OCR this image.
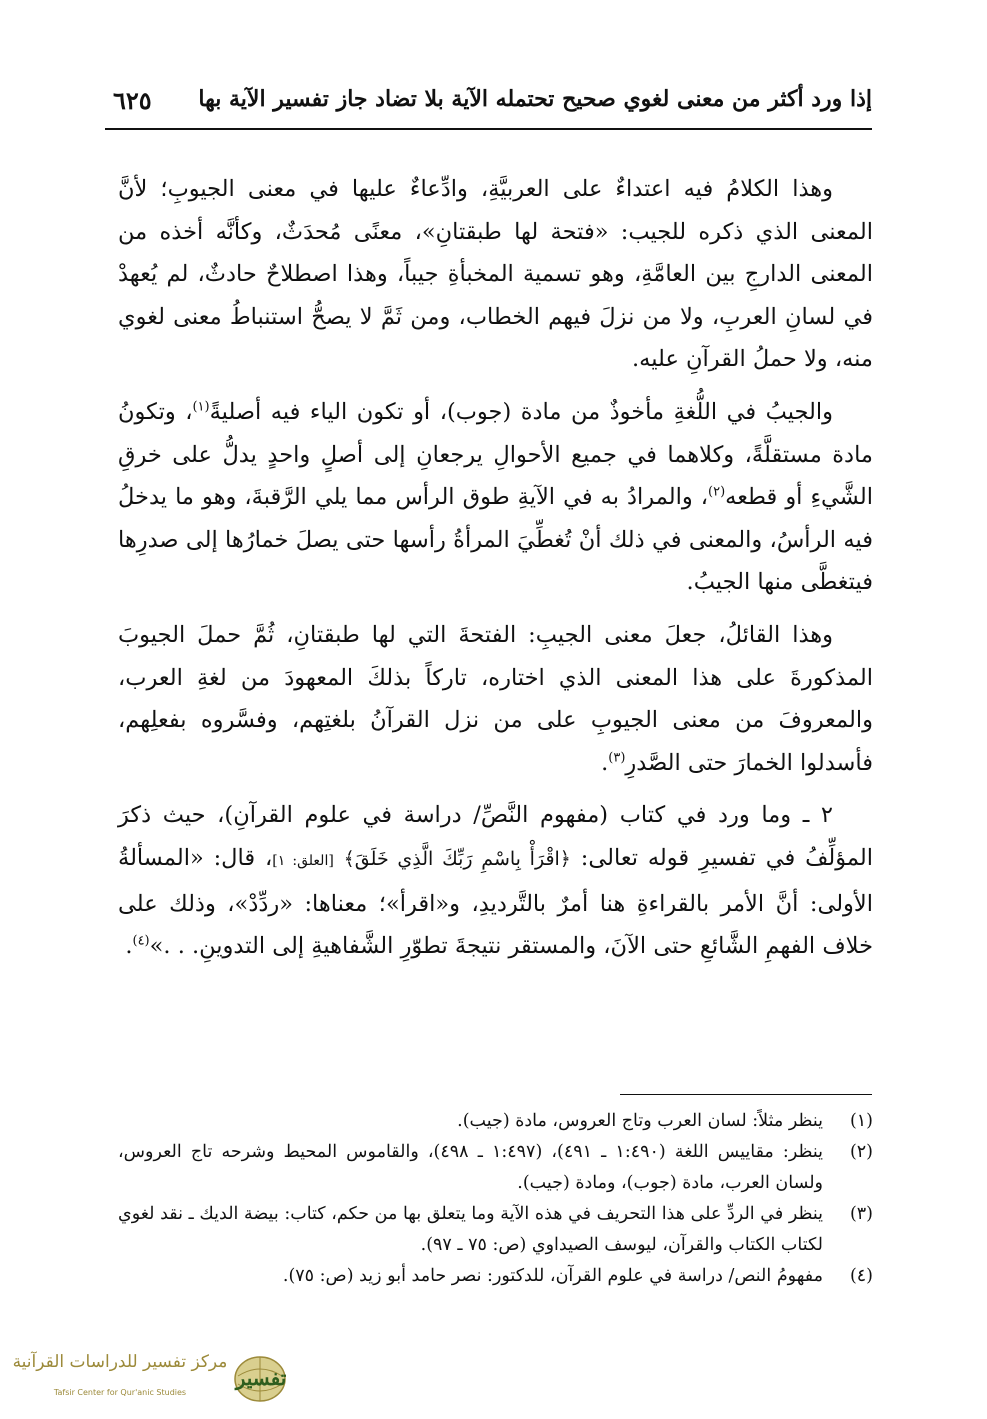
إذا ورد أكثر من معنى لغوي صحيح تحتمله الآية بلا تضاد جاز تفسير الآية بها
٦٢٥

وهذا الكلامُ فيه اعتداءٌ على العربيَّةِ، وادِّعاءٌ عليها في معنى الجيوبِ؛ لأنَّ المعنى الذي ذكره للجيب: «فتحة لها طبقتانِ»، معنًى مُحدَثٌ، وكأنَّه أخذه من المعنى الدارجِ بين العامَّةِ، وهو تسمية المخبأةِ جيباً، وهذا اصطلاحٌ حادثٌ، لم يُعهدْ في لسانِ العربِ، ولا من نزلَ فيهم الخطاب، ومن ثَمَّ لا يصحُّ استنباطُ معنى لغوي منه، ولا حملُ القرآنِ عليه.

والجيبُ في اللُّغةِ مأخوذٌ من مادة (جوب)، أو تكون الياء فيه أصليةً$^{(١)}$، وتكونُ مادة مستقلَّةً، وكلاهما في جميع الأحوالِ يرجعانِ إلى أصلٍ واحدٍ يدلُّ على خرقِ الشَّيءِ أو قطعه$^{(٢)}$، والمرادُ به في الآيةِ طوق الرأس مما يلي الرَّقبةَ، وهو ما يدخلُ فيه الرأسُ، والمعنى في ذلك أنْ تُغطِّيَ المرأةُ رأسها حتى يصلَ خمارُها إلى صدرِها فيتغطَّى منها الجيبُ.

وهذا القائلُ، جعلَ معنى الجيبِ: الفتحةَ التي لها طبقتانِ، ثُمَّ حملَ الجيوبَ المذكورةَ على هذا المعنى الذي اختاره، تاركاً بذلكَ المعهودَ من لغةِ العرب، والمعروفَ من معنى الجيوبِ على من نزل القرآنُ بلغتِهم، وفسَّروه بفعلِهم، فأسدلوا الخمارَ حتى الصَّدرِ$^{(٣)}$.

٢ ـ وما ورد في كتاب (مفهوم النَّصِّ/ دراسة في علوم القرآنِ)، حيث ذكرَ المؤلِّفُ في تفسيرِ قوله تعالى: ﴿اقْرَأْ بِاسْمِ رَبِّكَ الَّذِي خَلَقَ﴾ [العلق: ١]، قال: «المسألةُ الأولى: أنَّ الأمر بالقراءةِ هنا أمرٌ بالتَّرديدِ، و«اقرأ»؛ معناها: «ردِّدْ»، وذلك على خلاف الفهمِ الشَّائعِ حتى الآنَ، والمستقر نتيجةَ تطوّرِ الشَّفاهيةِ إلى التدوينِ. . .»$^{(٤)}$.

(١)
ينظر مثلاً: لسان العرب وتاج العروس، مادة (جيب).
(٢)
ينظر: مقاييس اللغة (١:٤٩٠ ـ ٤٩١)، (١:٤٩٧ ـ ٤٩٨)، والقاموس المحيط وشرحه تاج العروس، ولسان العرب، مادة (جوب)، ومادة (جيب).
(٣)
ينظر في الردِّ على هذا التحريف في هذه الآية وما يتعلق بها من حكم، كتاب: بيضة الديك ـ نقد لغوي لكتاب الكتاب والقرآن، ليوسف الصيداوي (ص: ٧٥ ـ ٩٧).
(٤)
مفهومُ النص/ دراسة في علوم القرآن، للدكتور: نصر حامد أبو زيد (ص: ٧٥).
تفسير
مركز تفسير للدراسات القرآنية
Tafsir Center for Qur'anic Studies
